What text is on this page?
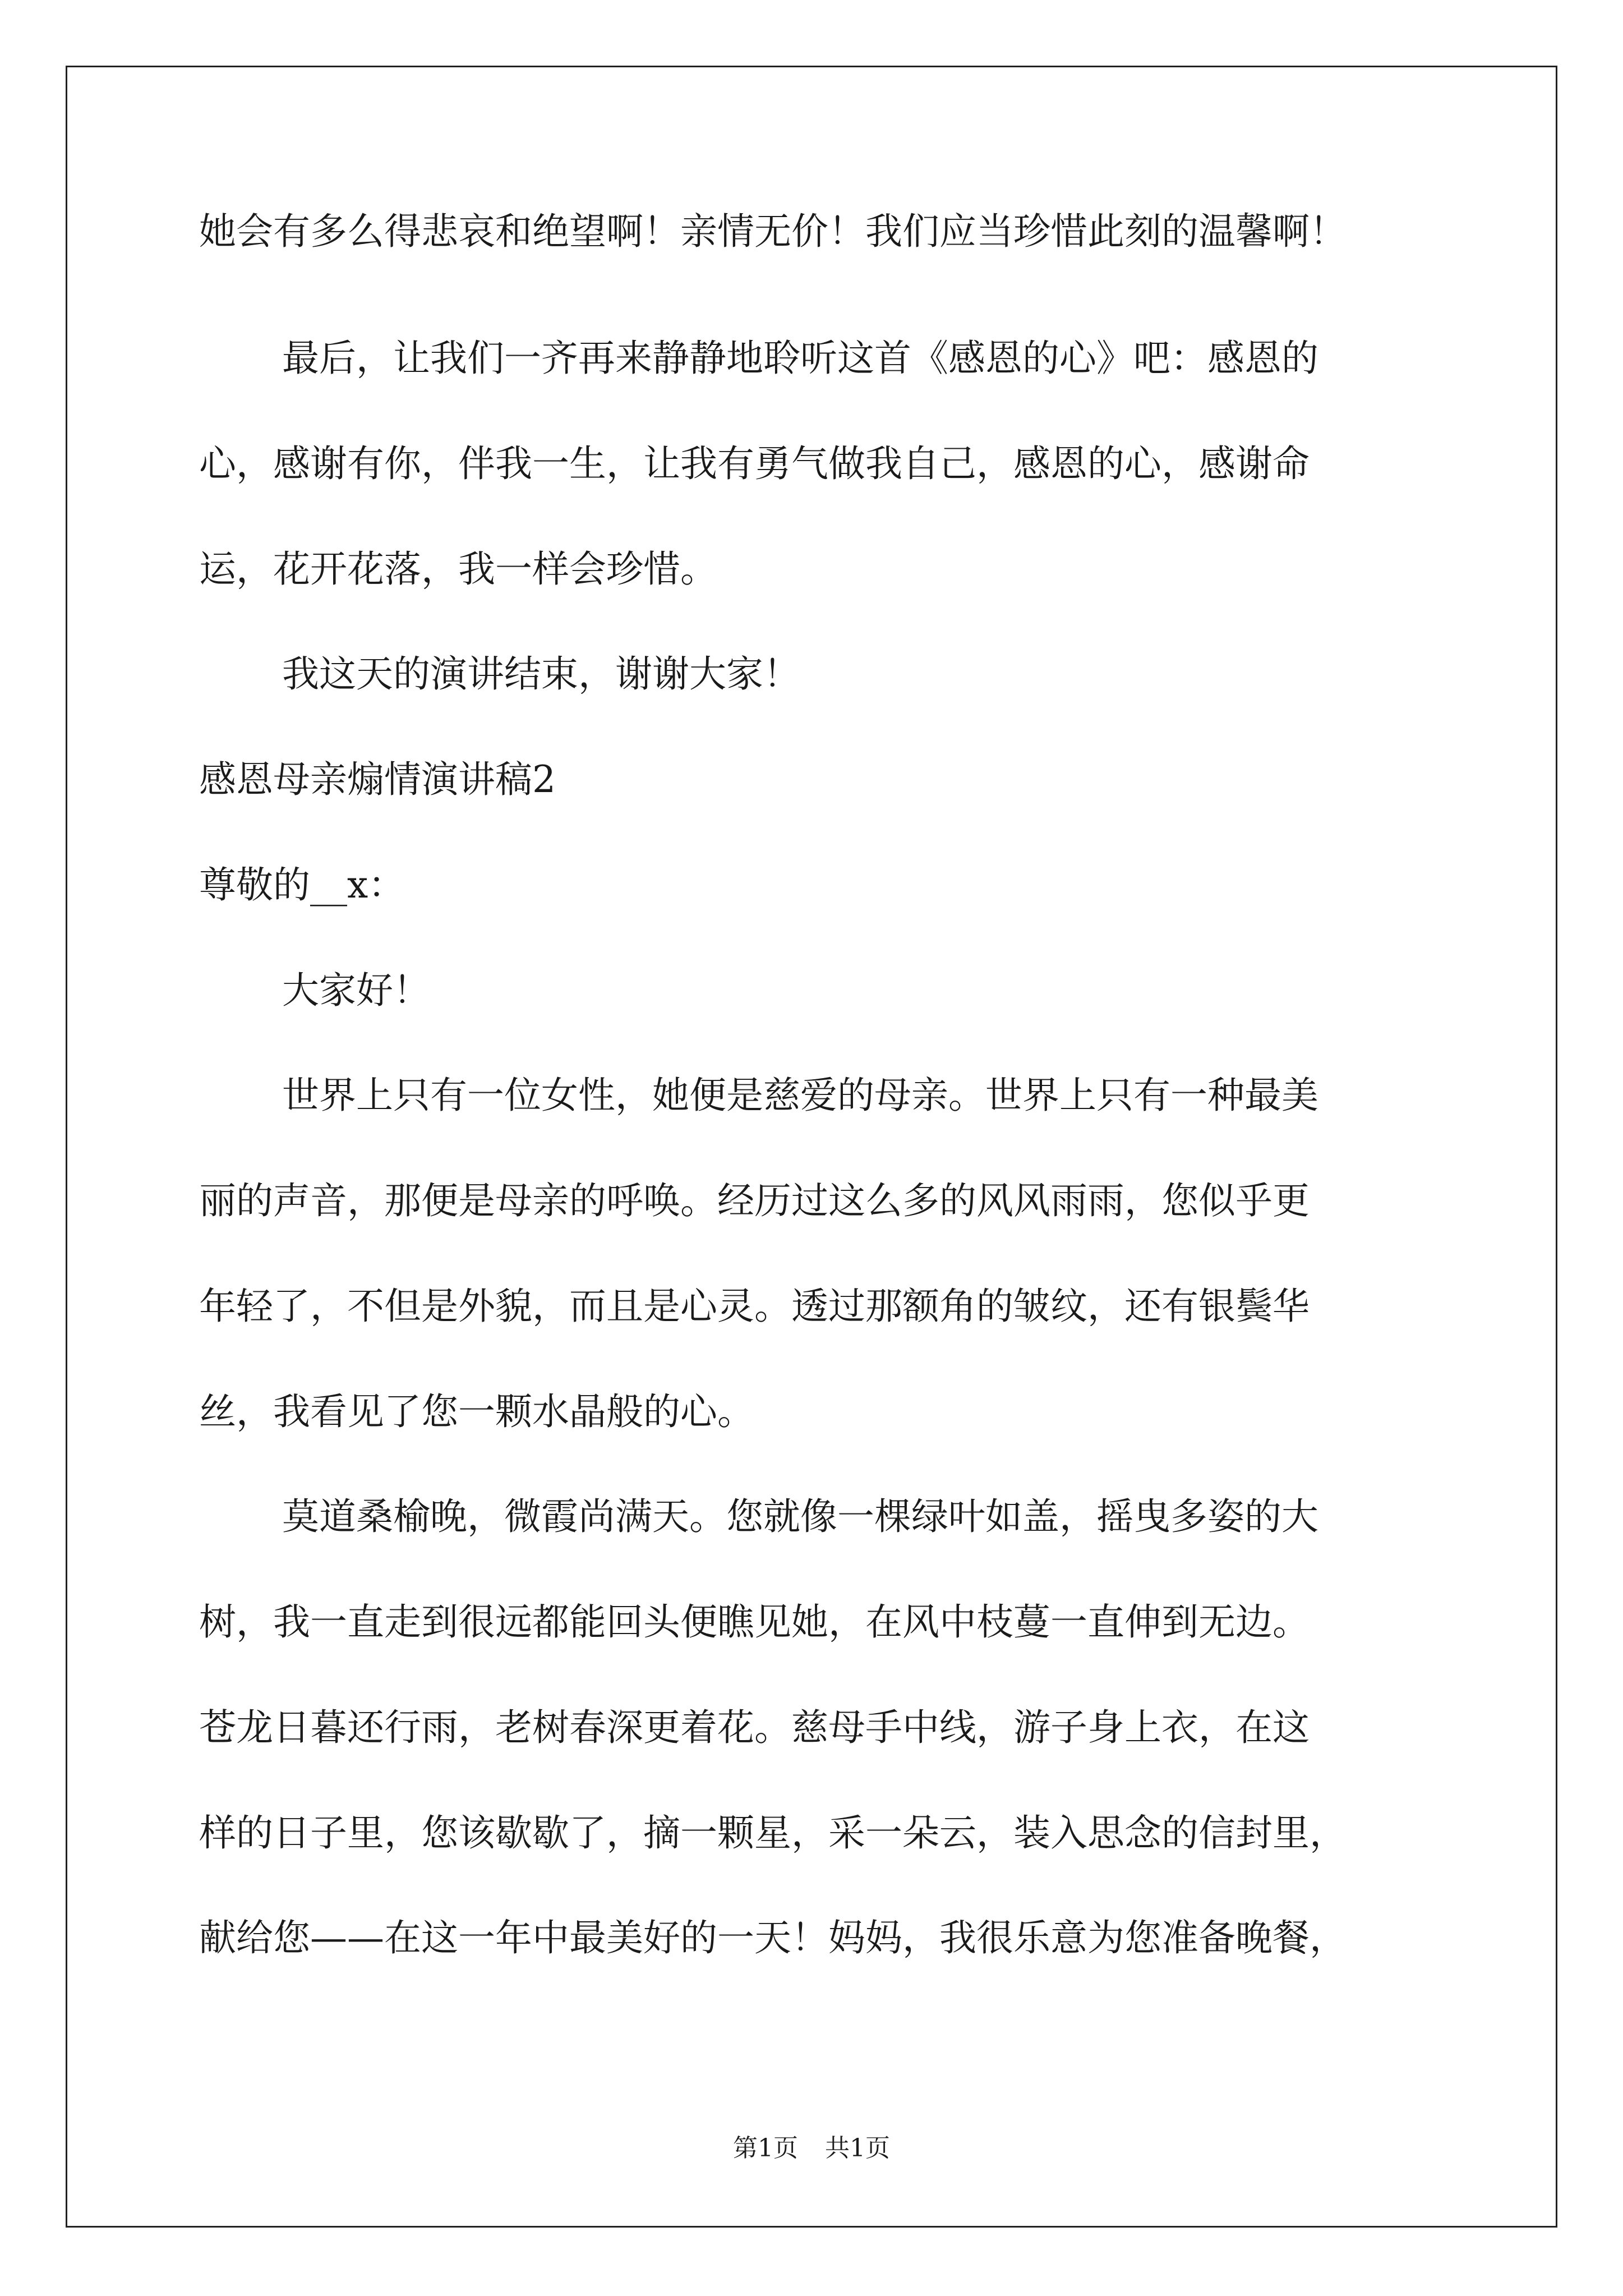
她会有多么得悲哀和绝望啊！亲情无价！我们应当珍惜此刻的温馨啊！
最后，让我们一齐再来静静地聆听这首《感恩的心》吧：感恩的
心，感谢有你，伴我一生，让我有勇气做我自己，感恩的心，感谢命
运，花开花落，我一样会珍惜。
我这天的演讲结束，谢谢大家！
感恩母亲煽情演讲稿2
尊敬的__x：
大家好！
世界上只有一位女性，她便是慈爱的母亲。世界上只有一种最美
丽的声音，那便是母亲的呼唤。经历过这么多的风风雨雨，您似乎更
年轻了，不但是外貌，而且是心灵。透过那额角的皱纹，还有银鬓华
丝，我看见了您一颗水晶般的心。
莫道桑榆晚，微霞尚满天。您就像一棵绿叶如盖，摇曳多姿的大
树，我一直走到很远都能回头便瞧见她，在风中枝蔓一直伸到无边。
苍龙日暮还行雨，老树春深更着花。慈母手中线，游子身上衣，在这
样的日子里，您该歇歇了，摘一颗星，采一朵云，装入思念的信封里，
献给您——在这一年中最美好的一天！妈妈，我很乐意为您准备晚餐，
第1页 共1页
